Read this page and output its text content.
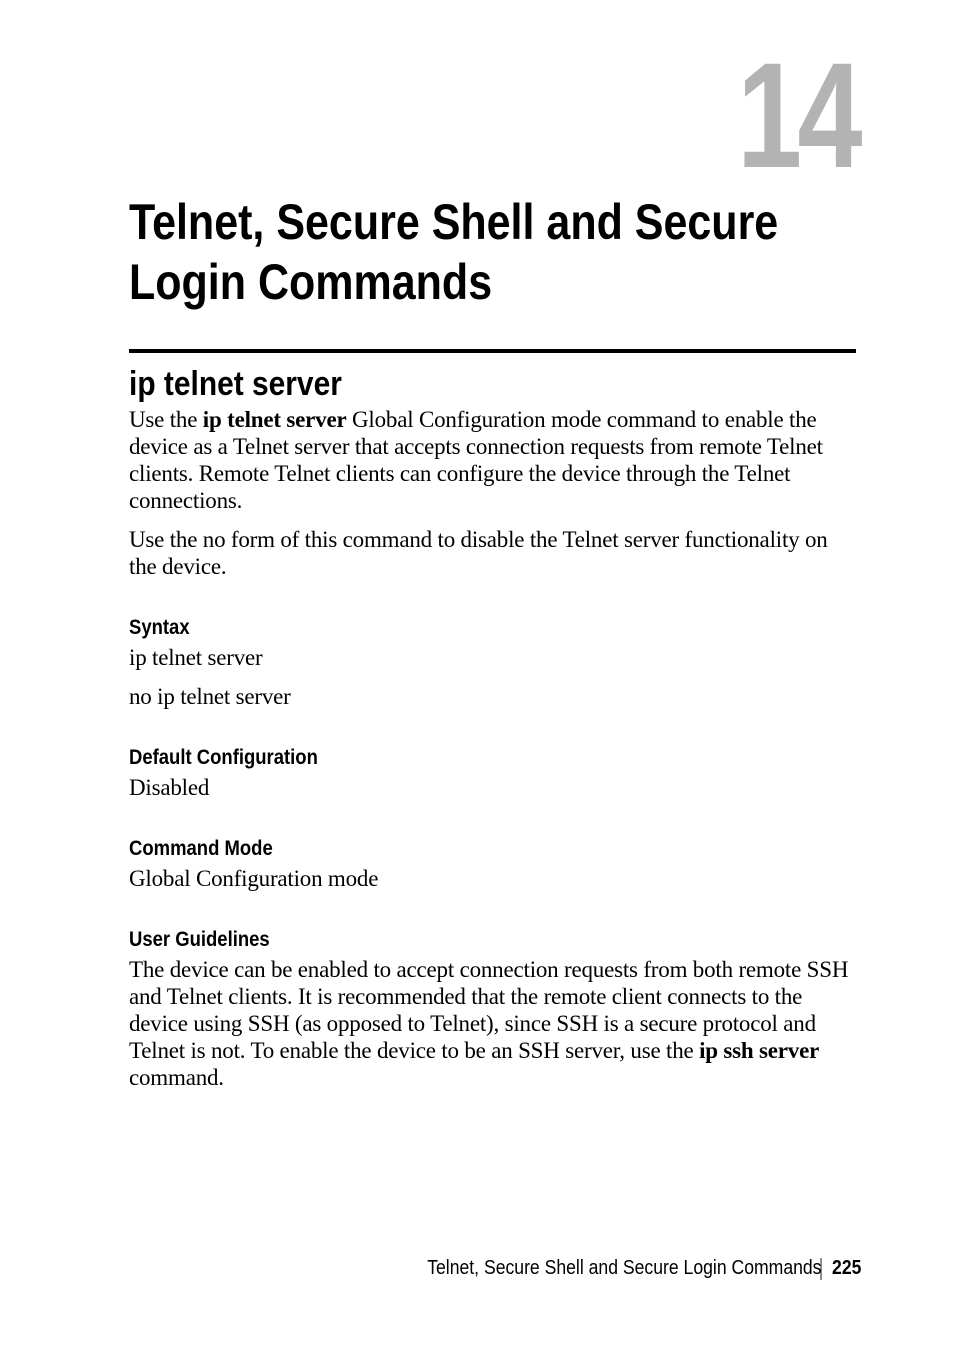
14
Telnet, Secure Shell and Secure
Login Commands
ip telnet server

Use the ip telnet server Global Configuration mode command to enable the device as a Telnet server that accepts connection requests from remote Telnet clients. Remote Telnet clients can configure the device through the Telnet connections.

Use the no form of this command to disable the Telnet server functionality on the device.

Syntax

ip telnet server

no ip telnet server

Default Configuration

Disabled

Command Mode

Global Configuration mode

User Guidelines

The device can be enabled to accept connection requests from both remote SSH and Telnet clients. It is recommended that the remote client connects to the device using SSH (as opposed to Telnet), since SSH is a secure protocol and Telnet is not. To enable the device to be an SSH server, use the ip ssh server command.

Telnet, Secure Shell and Secure Login Commands 225
